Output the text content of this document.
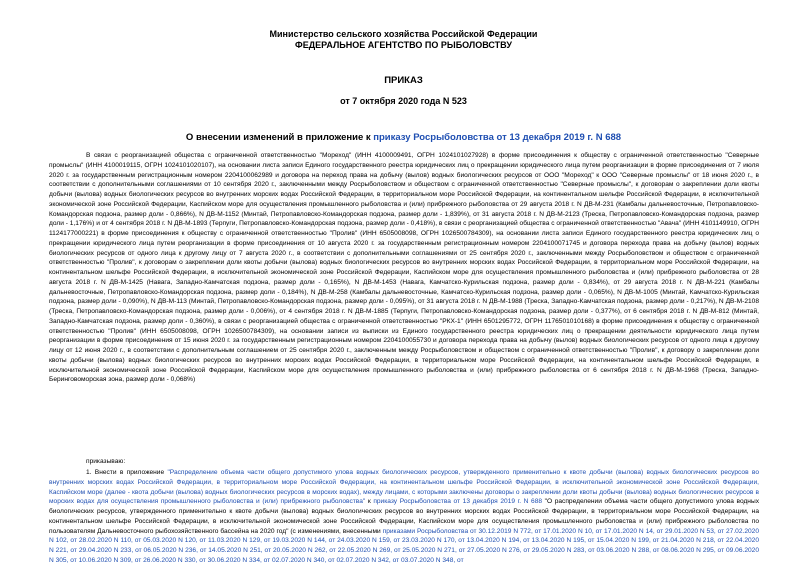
Министерство сельского хозяйства Российской Федерации
ФЕДЕРАЛЬНОЕ АГЕНТСТВО ПО РЫБОЛОВСТВУ
ПРИКАЗ
от 7 октября 2020 года N 523
О внесении изменений в приложение к приказу Росрыболовства от 13 декабря 2019 г. N 688
В связи с реорганизацией общества с ограниченной ответственностью "Мореход" (ИНН 4100009491, ОГРН 1024101027928) в форме присоединения к обществу с ограниченной ответственностью "Северные промыслы" (ИНН 4100019115, ОГРН 1024101020107), на основании листа записи Единого государственного реестра юридических лиц о прекращении юридического лица путем реорганизации в форме присоединения от 7 июля 2020 г. за государственным регистрационным номером 2204100062989 и договора на переход права на добычу (вылов) водных биологических ресурсов от ООО "Мореход" к ООО "Северные промыслы" от 18 июня 2020 г., в соответствии с дополнительными соглашениями от 10 сентября 2020 г., заключенными между Росрыболовством и обществом с ограниченной ответственностью "Северные промыслы", к договорам о закреплении доли квоты добычи (вылова) водных биологических ресурсов во внутренних морских водах Российской Федерации, в территориальном море Российской Федерации, на континентальном шельфе Российской Федерации, в исключительной экономической зоне Российской Федерации, Каспийском море для осуществления промышленного рыболовства и (или) прибрежного рыболовства от 29 августа 2018 г. N ДВ-М-231 (Камбалы дальневосточные, Петропавловско-Командорская подзона, размер доли - 0,866%), N ДВ-М-1152 (Минтай, Петропавловско-Командорская подзона, размер доли - 1,839%), от 31 августа 2018 г. N ДВ-М-2123 (Треска, Петропавловско-Командорская подзона, размер доли - 1,176%) и от 4 сентября 2018 г. N ДВ-М-1893 (Терпуги, Петропавловско-Командорская подзона, размер доли - 0,418%), в связи с реорганизацией общества с ограниченной ответственностью "Авача" (ИНН 4101149910, ОГРН 1124177000221) в форме присоединения к обществу с ограниченной ответственностью "Пролив" (ИНН 6505008098, ОГРН 1026500784309), на основании листа записи Единого государственного реестра юридических лиц о прекращении юридического лица путем реорганизации в форме присоединения от 10 августа 2020 г. за государственным регистрационным номером 2204100071745 и договора перехода права на добычу (вылов) водных биологических ресурсов от одного лица к другому лицу от 7 августа 2020 г., в соответствии с дополнительными соглашениями от 25 сентября 2020 г., заключенными между Росрыболовством и обществом с ограниченной ответственностью "Пролив", к договорам о закреплении доли квоты добычи (вылова) водных биологических ресурсов во внутренних морских водах Российской Федерации, в территориальном море Российской Федерации, на континентальном шельфе Российской Федерации, в исключительной экономической зоне Российской Федерации, Каспийском море для осуществления промышленного рыболовства и (или) прибрежного рыболовства от 28 августа 2018 г. N ДВ-М-1425 (Навага, Западно-Камчатская подзона, размер доли - 0,165%), N ДВ-М-1453 (Навага, Камчатско-Курильская подзона, размер доли - 0,834%), от 29 августа 2018 г. N ДВ-М-221 (Камбалы дальневосточные, Петропавловско-Командорская подзона, размер доли - 0,184%), N ДВ-М-258 (Камбалы дальневосточные, Камчатско-Курильская подзона, размер доли - 0,065%), N ДВ-М-1005 (Минтай, Камчатско-Курильская подзона, размер доли - 0,090%), N ДВ-М-113 (Минтай, Петропавловско-Командорская подзона, размер доли - 0,095%), от 31 августа 2018 г. N ДВ-М-1988 (Треска, Западно-Камчатская подзона, размер доли - 0,217%), N ДВ-М-2108 (Треска, Петропавловско-Командорская подзона, размер доли - 0,006%), от 4 сентября 2018 г. N ДВ-М-1885 (Терпуги, Петропавловско-Командорская подзона, размер доли - 0,377%), от 6 сентября 2018 г. N ДВ-М-812 (Минтай, Западно-Камчатская подзона, размер доли - 0,360%), в связи с реорганизацией общества с ограниченной ответственностью "РКХ-1" (ИНН 6501295772, ОГРН 1176501010168) в форме присоединения к обществу с ограниченной ответственностью "Пролив" (ИНН 6505008098, ОГРН 1026500784309), на основании записи из выписки из Единого государственного реестра юридических лиц о прекращении деятельности юридического лица путем реорганизации в форме присоединения от 15 июня 2020 г. за государственным регистрационным номером 2204100055730 и договора перехода права на добычу (вылов) водных биологических ресурсов от одного лица к другому лицу от 12 июня 2020 г., в соответствии с дополнительным соглашением от 25 сентября 2020 г., заключенным между Росрыболовством и обществом с ограниченной ответственностью "Пролив", к договору о закреплении доли квоты добычи (вылова) водных биологических ресурсов во внутренних морских водах Российской Федерации, в территориальном море Российской Федерации, на континентальном шельфе Российской Федерации, в исключительной экономической зоне Российской Федерации, Каспийском море для осуществления промышленного рыболовства и (или) прибрежного рыболовства от 6 сентября 2018 г. N ДВ-М-1968 (Треска, Западно-Беринговоморская зона, размер доли - 0,068%)
приказываю:
1. Внести в приложение "Распределение объема части общего допустимого улова водных биологических ресурсов, утвержденного применительно к квоте добычи (вылова) водных биологических ресурсов во внутренних морских водах Российской Федерации, в территориальном море Российской Федерации, на континентальном шельфе Российской Федерации, в исключительной экономической зоне Российской Федерации, Каспийском море (далее - квота добычи (вылова) водных биологических ресурсов в морских водах), между лицами, с которыми заключены договоры о закреплении доли квоты добычи (вылова) водных биологических ресурсов в морских водах для осуществления промышленного рыболовства и (или) прибрежного рыболовства" к приказу Росрыболовства от 13 декабря 2019 г. N 688 "О распределении объема части общего допустимого улова водных биологических ресурсов, утвержденного применительно к квоте добычи (вылова) водных биологических ресурсов во внутренних морских водах Российской Федерации, в территориальном море Российской Федерации, на континентальном шельфе Российской Федерации, в исключительной экономической зоне Российской Федерации, Каспийском море для осуществления промышленного рыболовства и (или) прибрежного рыболовства по пользователям Дальневосточного рыбохозяйственного бассейна на 2020 год" (с изменениями, внесенными приказами Росрыболовства от 30.12.2019 N 772, от 17.01.2020 N 10, от 17.01.2020 N 14, от 29.01.2020 N 53, от 27.02.2020 N 102, от 28.02.2020 N 110, от 05.03.2020 N 120, от 11.03.2020 N 129, от 19.03.2020 N 144, от 24.03.2020 N 159, от 23.03.2020 N 170, от 13.04.2020 N 194, от 13.04.2020 N 195, от 15.04.2020 N 199, от 21.04.2020 N 218, от 22.04.2020 N 221, от 29.04.2020 N 233, от 06.05.2020 N 236, от 14.05.2020 N 251, от 20.05.2020 N 262, от 22.05.2020 N 269, от 25.05.2020 N 271, от 27.05.2020 N 276, от 29.05.2020 N 283, от 03.06.2020 N 288, от 08.06.2020 N 295, от 09.06.2020 N 305, от 10.06.2020 N 309, от 26.06.2020 N 330, от 30.06.2020 N 334, от 02.07.2020 N 340, от 02.07.2020 N 342, от 03.07.2020 N 348, от
